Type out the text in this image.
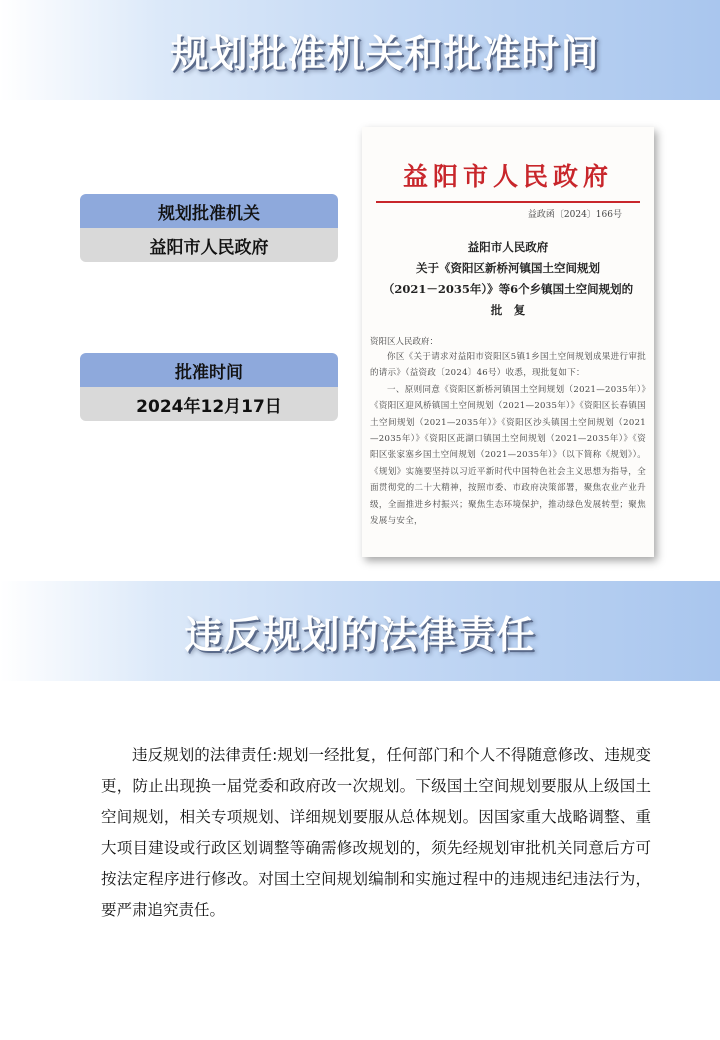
规划批准机关和批准时间
规划批准机关
益阳市人民政府
批准时间
2024年12月17日
益阳市人民政府
益政函〔2024〕166号
益阳市人民政府
关于《资阳区新桥河镇国土空间规划
（2021－2035年）》等6个乡镇国土空间规划的
批　复
资阳区人民政府：
你区《关于请求对益阳市资阳区5镇1乡国土空间规划成果进行审批的请示》（益资政〔2024〕46号）收悉，现批复如下：
一、原则同意《资阳区新桥河镇国土空间规划（2021—2035年）》《资阳区迎风桥镇国土空间规划（2021—2035年）》《资阳区长春镇国土空间规划（2021—2035年）》《资阳区沙头镇国土空间规划（2021—2035年）》《资阳区茈湖口镇国土空间规划（2021—2035年）》《资阳区张家塞乡国土空间规划（2021—2035年）》（以下简称《规划》）。《规划》实施要坚持以习近平新时代中国特色社会主义思想为指导，全面贯彻党的二十大精神，按照市委、市政府决策部署，聚焦农业产业升级，全面推进乡村振兴；聚焦生态环境保护，推动绿色发展转型；聚焦发展与安全，
违反规划的法律责任
违反规划的法律责任:规划一经批复，任何部门和个人不得随意修改、违规变更，防止出现换一届党委和政府改一次规划。下级国土空间规划要服从上级国土空间规划，相关专项规划、详细规划要服从总体规划。因国家重大战略调整、重大项目建设或行政区划调整等确需修改规划的，须先经规划审批机关同意后方可按法定程序进行修改。对国土空间规划编制和实施过程中的违规违纪违法行为，要严肃追究责任。
